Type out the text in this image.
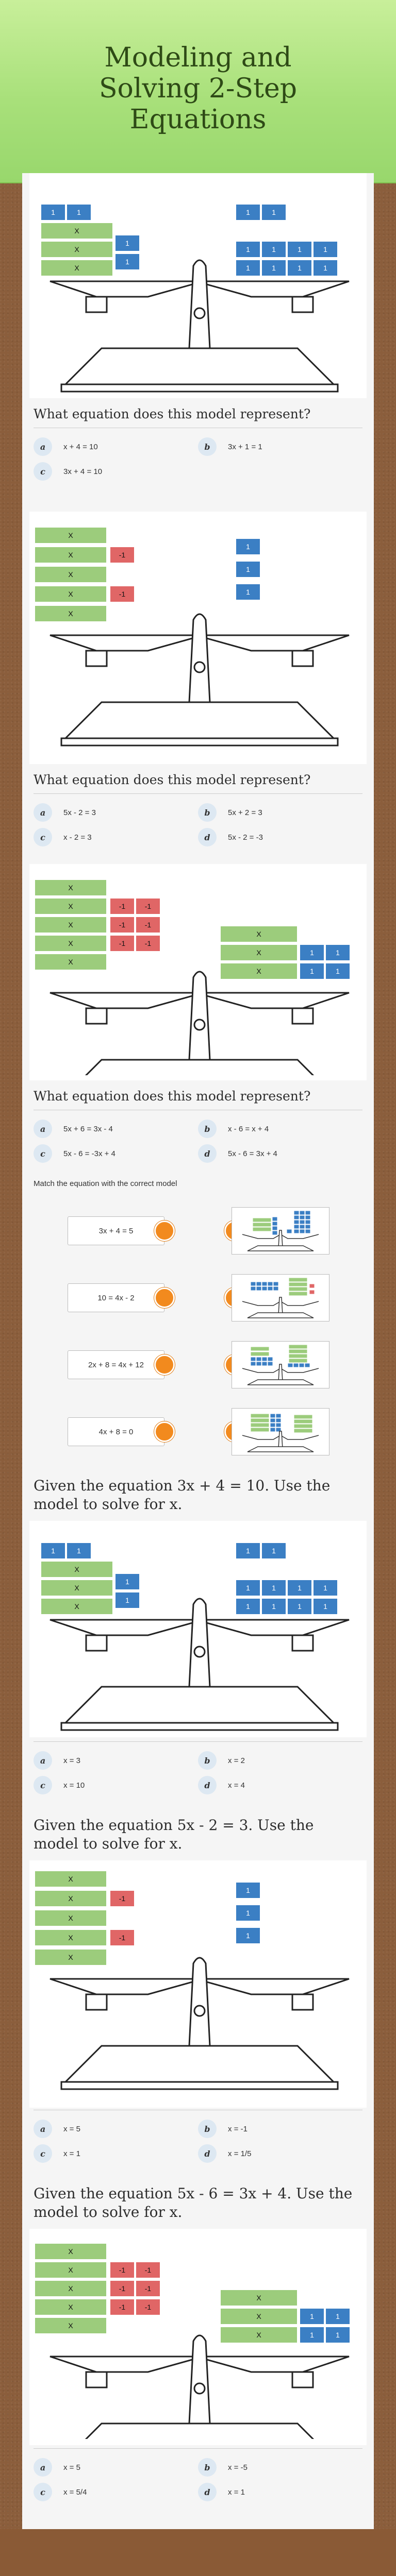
Modeling and
Solving 2-Step
Equations
1	1
X
X
X
1
1
1	1
1
1
1
1
1
1
1
1
What equation does this model represent?
a	x + 4 = 10	b	3x + 1 = 1
c	3x + 4 = 10
X
X
X
X
X
-1
-1
1
1
1
What equation does this model represent?
a	5x - 2 = 3	b	5x + 2 = 3
c	x - 2 = 3	d	5x - 2 = -3
X
X
X
X
X
-1	-1
-1	-1
-1	-1
X
X
X
1	1
1	1
What equation does this model represent?
a	5x + 6 = 3x - 4	b	x - 6 = x + 4
c	5x - 6 = -3x + 4	d	5x - 6 = 3x + 4
Match the equation with the correct model
3x + 4 = 5
10 = 4x - 2
2x + 8 = 4x + 12
4x + 8 = 0
Given the equation 3x + 4 = 10. Use the model to solve for x.
1	1
X
X
X
1
1
1	1
1
1
1
1
1
1
1
1
a	x = 3	b	x = 2
c	x = 10	d	x = 4
Given the equation 5x - 2 = 3. Use the model to solve for x.
X
X
X
X
X
-1
-1
1
1
1
a	x = 5	b	x = -1
c	x = 1	d	x = 1/5
Given the equation 5x - 6 = 3x + 4. Use the model to solve for x.
X
X
X
X
X
-1	-1
-1	-1
-1	-1
X
X
X
1	1
1	1
a	x = 5	b	x = -5
c	x = 5/4	d	x = 1
